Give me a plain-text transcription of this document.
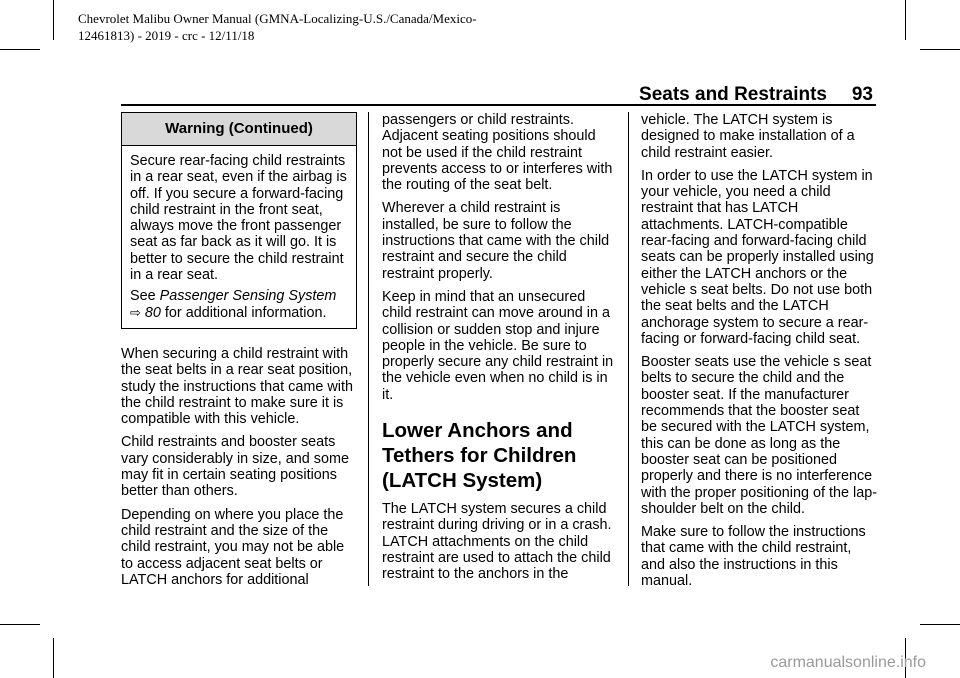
Chevrolet Malibu Owner Manual (GMNA-Localizing-U.S./Canada/Mexico-
12461813) - 2019 - crc - 12/11/18
Seats and Restraints 93
Warning (Continued)

Secure rear-facing child restraints in a rear seat, even if the airbag is off. If you secure a forward-facing child restraint in the front seat, always move the front passenger seat as far back as it will go. It is better to secure the child restraint in a rear seat.

See Passenger Sensing System
⇨ 80 for additional information.

When securing a child restraint with the seat belts in a rear seat position, study the instructions that came with the child restraint to make sure it is compatible with this vehicle.

Child restraints and booster seats vary considerably in size, and some may fit in certain seating positions better than others.

Depending on where you place the child restraint and the size of the child restraint, you may not be able to access adjacent seat belts or LATCH anchors for additional

passengers or child restraints. Adjacent seating positions should not be used if the child restraint prevents access to or interferes with the routing of the seat belt.

Wherever a child restraint is installed, be sure to follow the instructions that came with the child restraint and secure the child restraint properly.

Keep in mind that an unsecured child restraint can move around in a collision or sudden stop and injure people in the vehicle. Be sure to properly secure any child restraint in the vehicle even when no child is in it.

Lower Anchors and Tethers for Children (LATCH System)

The LATCH system secures a child restraint during driving or in a crash. LATCH attachments on the child restraint are used to attach the child restraint to the anchors in the

vehicle. The LATCH system is designed to make installation of a child restraint easier.

In order to use the LATCH system in your vehicle, you need a child restraint that has LATCH attachments. LATCH-compatible rear-facing and forward-facing child seats can be properly installed using either the LATCH anchors or the vehicle s seat belts. Do not use both the seat belts and the LATCH anchorage system to secure a rear-facing or forward-facing child seat.

Booster seats use the vehicle s seat belts to secure the child and the booster seat. If the manufacturer recommends that the booster seat be secured with the LATCH system, this can be done as long as the booster seat can be positioned properly and there is no interference with the proper positioning of the lap-shoulder belt on the child.

Make sure to follow the instructions that came with the child restraint, and also the instructions in this manual.

carmanualsonline.info
